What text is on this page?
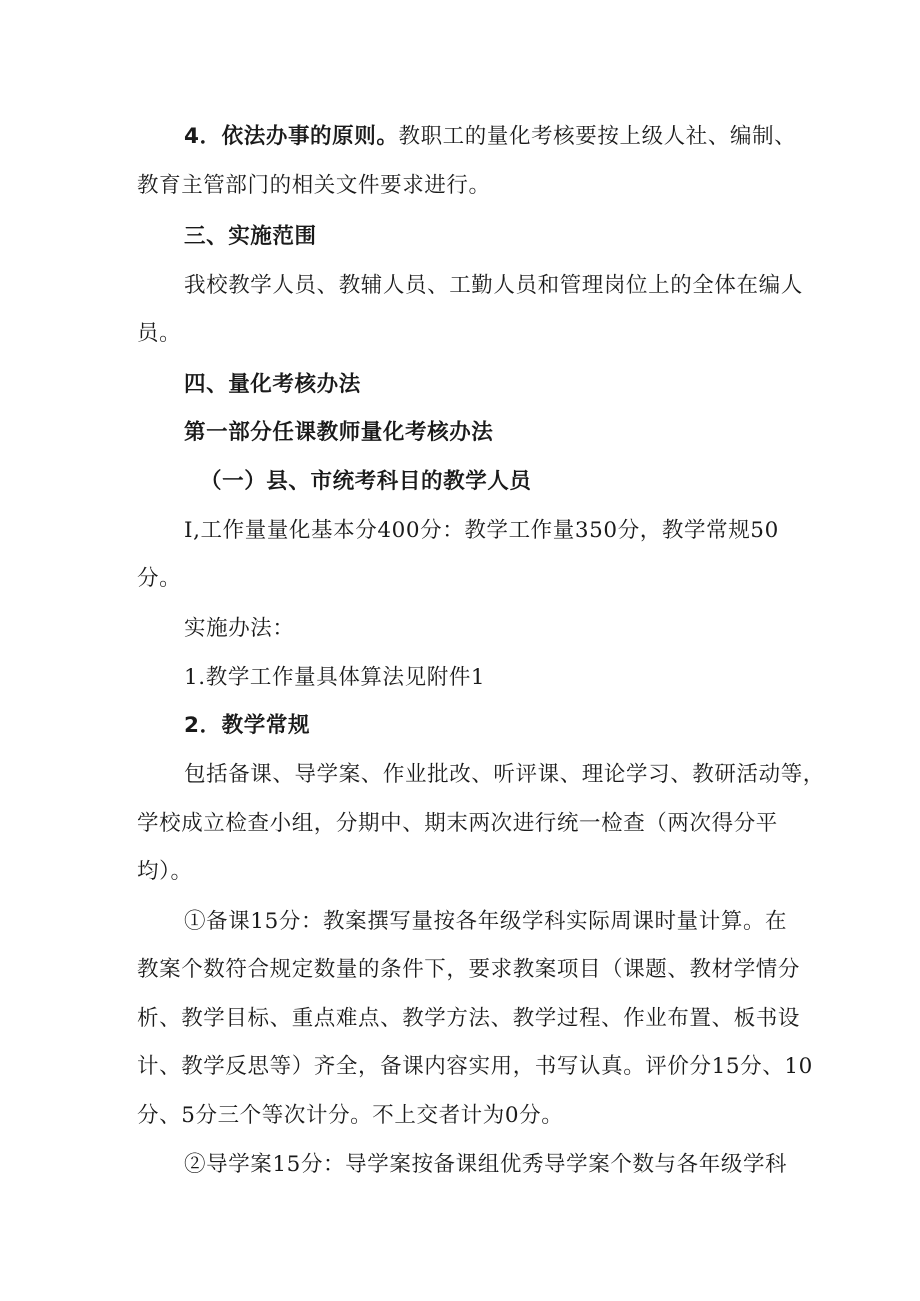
4．依法办事的原则。教职工的量化考核要按上级人社、编制、
教育主管部门的相关文件要求进行。
三、实施范围
我校教学人员、教辅人员、工勤人员和管理岗位上的全体在编人
员。
四、量化考核办法
第一部分任课教师量化考核办法
（一）县、市统考科目的教学人员
I,工作量量化基本分400分：教学工作量350分，教学常规50
分。
实施办法：
1.教学工作量具体算法见附件1
2．教学常规
包括备课、导学案、作业批改、听评课、理论学习、教研活动等，
学校成立检查小组，分期中、期末两次进行统一检查（两次得分平
均）。
①备课15分：教案撰写量按各年级学科实际周课时量计算。在
教案个数符合规定数量的条件下，要求教案项目（课题、教材学情分
析、教学目标、重点难点、教学方法、教学过程、作业布置、板书设
计、教学反思等）齐全，备课内容实用，书写认真。评价分15分、10
分、5分三个等次计分。不上交者计为0分。
②导学案15分：导学案按备课组优秀导学案个数与各年级学科
